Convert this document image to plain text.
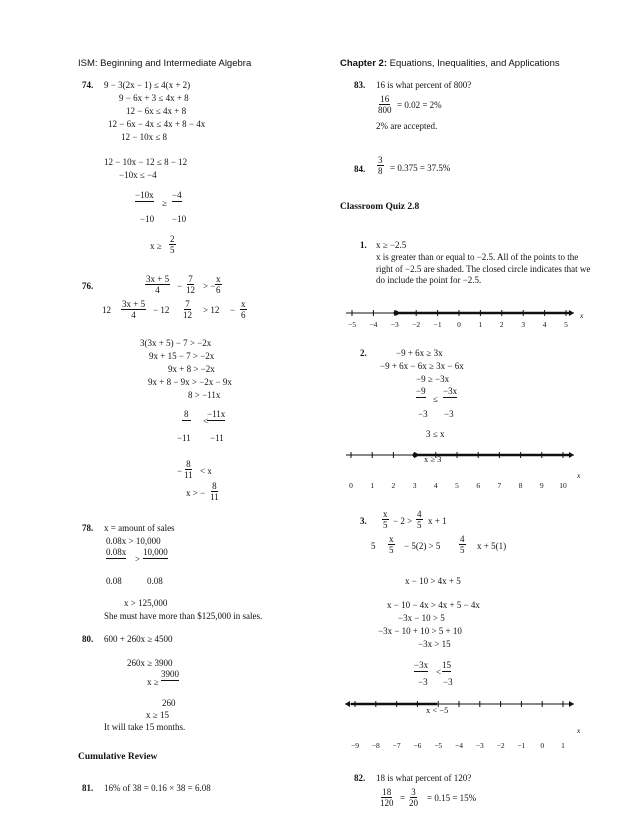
ISM: Beginning and Intermediate Algebra	Chapter 2: Equations, Inequalities, and Applications
74. 9 − 3(2x − 1) ≤ 4(x + 2)
9 − 6x + 3 ≤ 4x + 8
12 − 6x ≤ 4x + 8
12 − 6x − 4x ≤ 4x + 8 − 4x
12 − 10x ≤ 8
12 − 10x − 12 ≤ 8 − 12
−10x ≤ −4
−10x
≥
−4
−10 −10
$x \ge \frac{2}{5}$
76.	$\frac{3x + 5}{4} - \frac{7}{12}$ > − $\frac{x}{6}$
$12 \frac{3x + 5}{4} - 12 \frac{7}{12} > 12 - \frac{x}{6}$
3(3x + 5) − 7 > −2x
9x + 15 − 7 > −2x
9x + 8 > −2x
9x + 8 − 9x > −2x − 9x
8 > −11x
8
<
−11x
−11 −11
− $\frac{8}{11} < x$
x > − $\frac{8}{11}$
78. x = amount of sales
0.08x > 10,000
0.08x
>
10,000
0.08	0.08
x > 125,000
She must have more than $125,000 in sales.
80. 600 + 260x ≥ 4500
260x ≥ 3900
x ≥
3900
260
x ≥ 15
It will take 15 months.
Cumulative Review
81. 16% of 38 = 0.16 × 38 = 6.08
83. 16 is what percent of 800?
$\frac{16}{800} = 0.02 = 2\%$
2% are accepted.
84. $\frac{3}{8} = 0.375 = 37.5\%$
Classroom Quiz 2.8
1. x ≥ −2.5
x is greater than or equal to −2.5. All of the points to the right of −2.5 are shaded. The closed circle indicates that we do include the point for −2.5.
−5 −4 −3 −2 −1 0 1 2 3 4 5
x
2.	−9 + 6x ≥ 3x
−9 + 6x − 6x ≥ 3x − 6x
−9 ≥ −3x
−9
≤
−3x
−3 −3
3 ≤ x
0 1 2 3 4 5 6 7 8 9 10
x
x ≥ 3
3. $\frac{x}{5} - 2 > \frac{4}{5}$ x + 1
$5 \frac{x}{5} - 5(2) > 5 \frac{4}{5}$ x + 5(1)
x − 10 > 4x + 5
x − 10 − 4x > 4x + 5 − 4x
−3x − 10 > 5
−3x − 10 + 10 > 5 + 10
−3x > 15
−3x
<
15
−3 −3
−9 −8 −7 −6 −5 −4 −3 −2 −1 0 1
x
x < −5
82. 18 is what percent of 120?
$\frac{18}{120} = \frac{3}{20} = 0.15 = 15\%$
